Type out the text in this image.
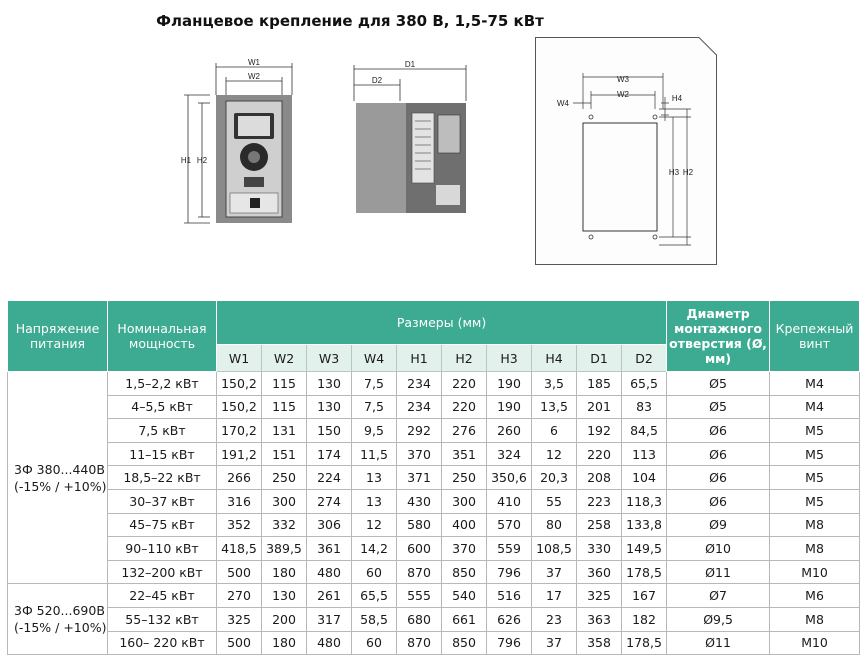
Фланцевое крепление для 380 В, 1,5-75 кВт
W1
W2
H1 H2
D1
D2	W3
W2
W4
H4
H3 H2
Напряжение питания	Номинальная мощность	Размеры (мм)										Диаметр монтажного отверстия (Ø, мм)	Крепежный винт
		W1	W2	W3	W4	H1	H2	H3	H4	D1	D2		
3Ф 380...440В (-15% / +10%)	1,5–2,2 кВт	150,2	115	130	7,5	234	220	190	3,5	185	65,5	Ø5	М4
	4–5,5 кВт	150,2	115	130	7,5	234	220	190	13,5	201	83	Ø5	М4
	7,5 кВт	170,2	131	150	9,5	292	276	260	6	192	84,5	Ø6	М5
	11–15 кВт	191,2	151	174	11,5	370	351	324	12	220	113	Ø6	М5
	18,5–22 кВт	266	250	224	13	371	250	350,6	20,3	208	104	Ø6	М5
	30–37 кВт	316	300	274	13	430	300	410	55	223	118,3	Ø6	М5
	45–75 кВт	352	332	306	12	580	400	570	80	258	133,8	Ø9	М8
	90–110 кВт	418,5	389,5	361	14,2	600	370	559	108,5	330	149,5	Ø10	М8
	132–200 кВт	500	180	480	60	870	850	796	37	360	178,5	Ø11	М10
3Ф 520...690В (-15% / +10%)	22–45 кВт	270	130	261	65,5	555	540	516	17	325	167	Ø7	М6
	55–132 кВт	325	200	317	58,5	680	661	626	23	363	182	Ø9,5	М8
	160– 220 кВт	500	180	480	60	870	850	796	37	358	178,5	Ø11	М10
